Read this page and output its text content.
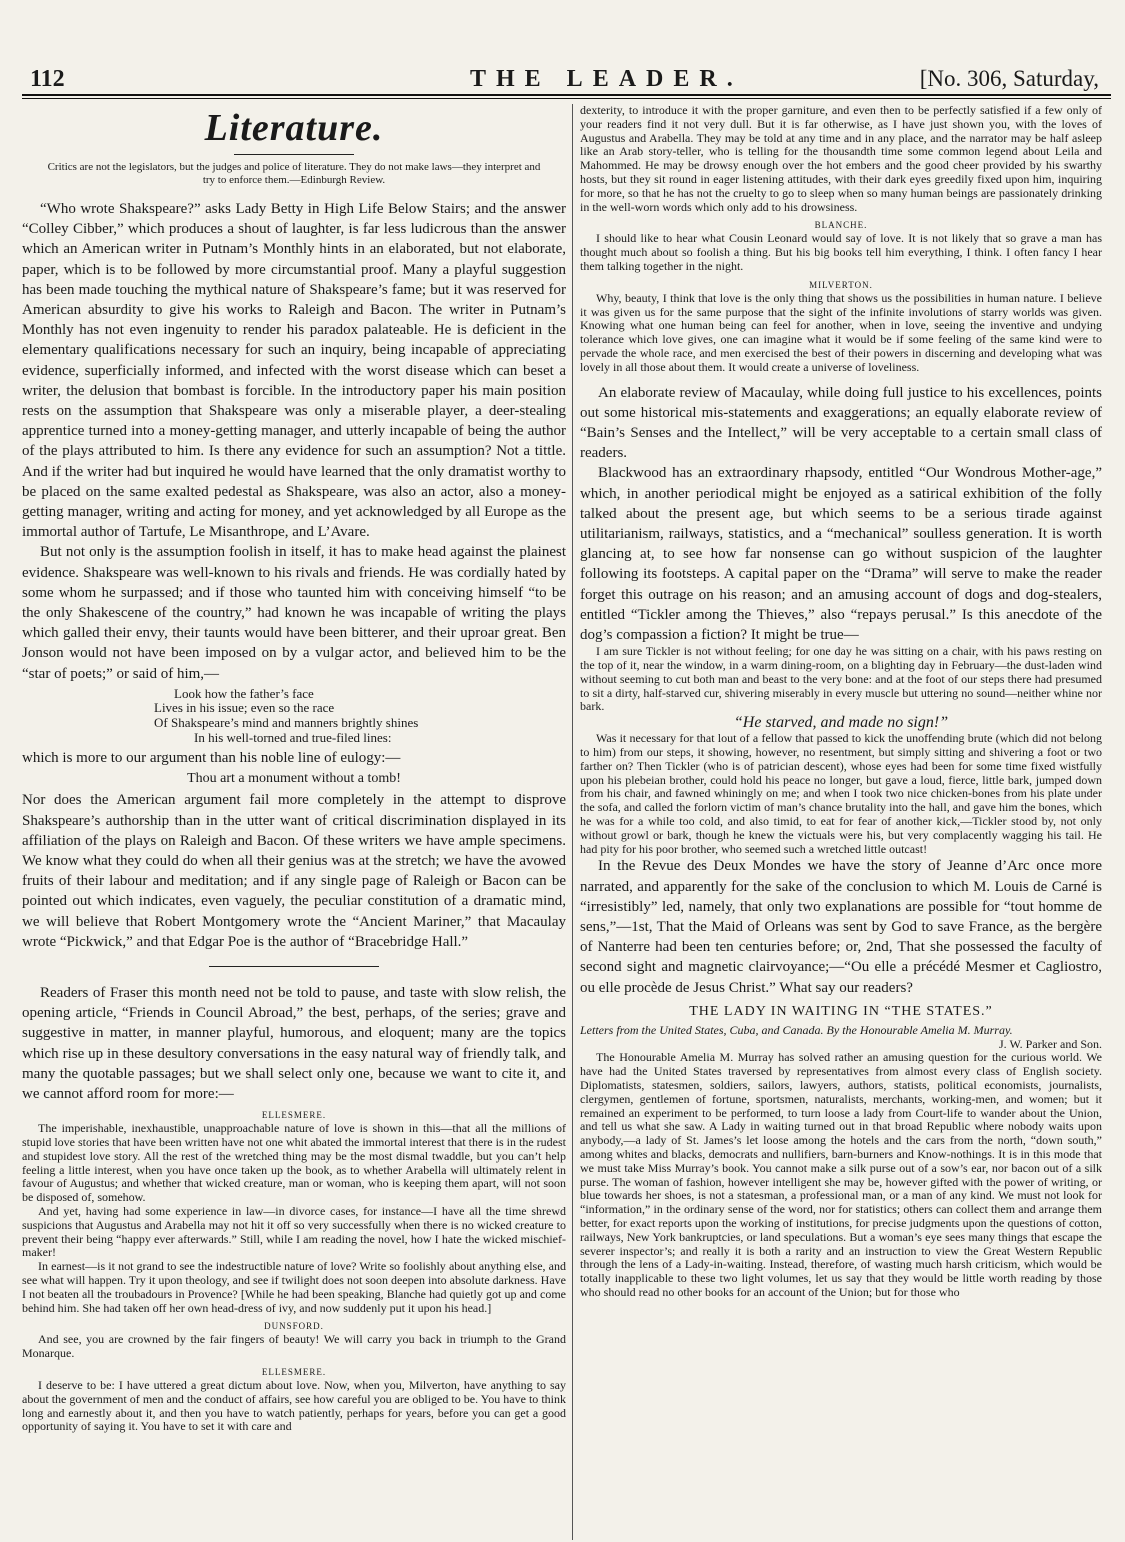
112	THE LEADER.	[No. 306, Saturday,
Literature.
Critics are not the legislators, but the judges and police of literature. They do not make laws—they interpret and try to enforce them.—Edinburgh Review.

“Who wrote Shakspeare?” asks Lady Betty in High Life Below Stairs; and the answer “Colley Cibber,” which produces a shout of laughter, is far less ludicrous than the answer which an American writer in Putnam’s Monthly hints in an elaborated, but not elaborate, paper, which is to be followed by more circumstantial proof. Many a playful suggestion has been made touching the mythical nature of Shakspeare’s fame; but it was reserved for American absurdity to give his works to Raleigh and Bacon. The writer in Putnam’s Monthly has not even ingenuity to render his paradox palateable. He is deficient in the elementary qualifications necessary for such an inquiry, being incapable of appreciating evidence, superficially informed, and infected with the worst disease which can beset a writer, the delusion that bombast is forcible. In the introductory paper his main position rests on the assumption that Shakspeare was only a miserable player, a deer-stealing apprentice turned into a money-getting manager, and utterly incapable of being the author of the plays attributed to him. Is there any evidence for such an assumption? Not a tittle. And if the writer had but inquired he would have learned that the only dramatist worthy to be placed on the same exalted pedestal as Shakspeare, was also an actor, also a money-getting manager, writing and acting for money, and yet acknowledged by all Europe as the immortal author of Tartufe, Le Misanthrope, and L’Avare.

But not only is the assumption foolish in itself, it has to make head against the plainest evidence. Shakspeare was well-known to his rivals and friends. He was cordially hated by some whom he surpassed; and if those who taunted him with conceiving himself “to be the only Shakescene of the country,” had known he was incapable of writing the plays which galled their envy, their taunts would have been bitterer, and their uproar great. Ben Jonson would not have been imposed on by a vulgar actor, and believed him to be the “star of poets;” or said of him,—

Look how the father’s face
Lives in his issue; even so the race
Of Shakspeare’s mind and manners brightly shines
In his well-torned and true-filed lines:

which is more to our argument than his noble line of eulogy:—

Thou art a monument without a tomb!

Nor does the American argument fail more completely in the attempt to disprove Shakspeare’s authorship than in the utter want of critical discrimination displayed in its affiliation of the plays on Raleigh and Bacon. Of these writers we have ample specimens. We know what they could do when all their genius was at the stretch; we have the avowed fruits of their labour and meditation; and if any single page of Raleigh or Bacon can be pointed out which indicates, even vaguely, the peculiar constitution of a dramatic mind, we will believe that Robert Montgomery wrote the “Ancient Mariner,” that Macaulay wrote “Pickwick,” and that Edgar Poe is the author of “Bracebridge Hall.”

Readers of Fraser this month need not be told to pause, and taste with slow relish, the opening article, “Friends in Council Abroad,” the best, perhaps, of the series; grave and suggestive in matter, in manner playful, humorous, and eloquent; many are the topics which rise up in these desultory conversations in the easy natural way of friendly talk, and many the quotable passages; but we shall select only one, because we want to cite it, and we cannot afford room for more:—

ELLESMERE.

The imperishable, inexhaustible, unapproachable nature of love is shown in this—that all the millions of stupid love stories that have been written have not one whit abated the immortal interest that there is in the rudest and stupidest love story. All the rest of the wretched thing may be the most dismal twaddle, but you can’t help feeling a little interest, when you have once taken up the book, as to whether Arabella will ultimately relent in favour of Augustus; and whether that wicked creature, man or woman, who is keeping them apart, will not soon be disposed of, somehow.

And yet, having had some experience in law—in divorce cases, for instance—I have all the time shrewd suspicions that Augustus and Arabella may not hit it off so very successfully when there is no wicked creature to prevent their being “happy ever afterwards.” Still, while I am reading the novel, how I hate the wicked mischief-maker!

In earnest—is it not grand to see the indestructible nature of love? Write so foolishly about anything else, and see what will happen. Try it upon theology, and see if twilight does not soon deepen into absolute darkness. Have I not beaten all the troubadours in Provence? [While he had been speaking, Blanche had quietly got up and come behind him. She had taken off her own head-dress of ivy, and now suddenly put it upon his head.]

DUNSFORD.

And see, you are crowned by the fair fingers of beauty! We will carry you back in triumph to the Grand Monarque.

ELLESMERE.

I deserve to be: I have uttered a great dictum about love. Now, when you, Milverton, have anything to say about the government of men and the conduct of affairs, see how careful you are obliged to be. You have to think long and earnestly about it, and then you have to watch patiently, perhaps for years, before you can get a good opportunity of saying it. You have to set it with care and

dexterity, to introduce it with the proper garniture, and even then to be perfectly satisfied if a few only of your readers find it not very dull. But it is far otherwise, as I have just shown you, with the loves of Augustus and Arabella. They may be told at any time and in any place, and the narrator may be half asleep like an Arab story-teller, who is telling for the thousandth time some common legend about Leila and Mahommed. He may be drowsy enough over the hot embers and the good cheer provided by his swarthy hosts, but they sit round in eager listening attitudes, with their dark eyes greedily fixed upon him, inquiring for more, so that he has not the cruelty to go to sleep when so many human beings are passionately drinking in the well-worn words which only add to his drowsiness.

BLANCHE.

I should like to hear what Cousin Leonard would say of love. It is not likely that so grave a man has thought much about so foolish a thing. But his big books tell him everything, I think. I often fancy I hear them talking together in the night.

MILVERTON.

Why, beauty, I think that love is the only thing that shows us the possibilities in human nature. I believe it was given us for the same purpose that the sight of the infinite involutions of starry worlds was given. Knowing what one human being can feel for another, when in love, seeing the inventive and undying tolerance which love gives, one can imagine what it would be if some feeling of the same kind were to pervade the whole race, and men exercised the best of their powers in discerning and developing what was lovely in all those about them. It would create a universe of loveliness.

An elaborate review of Macaulay, while doing full justice to his excellences, points out some historical mis-statements and exaggerations; an equally elaborate review of “Bain’s Senses and the Intellect,” will be very acceptable to a certain small class of readers.

Blackwood has an extraordinary rhapsody, entitled “Our Wondrous Mother-age,” which, in another periodical might be enjoyed as a satirical exhibition of the folly talked about the present age, but which seems to be a serious tirade against utilitarianism, railways, statistics, and a “mechanical” soulless generation. It is worth glancing at, to see how far nonsense can go without suspicion of the laughter following its footsteps. A capital paper on the “Drama” will serve to make the reader forget this outrage on his reason; and an amusing account of dogs and dog-stealers, entitled “Tickler among the Thieves,” also “repays perusal.” Is this anecdote of the dog’s compassion a fiction? It might be true—

I am sure Tickler is not without feeling; for one day he was sitting on a chair, with his paws resting on the top of it, near the window, in a warm dining-room, on a blighting day in February—the dust-laden wind without seeming to cut both man and beast to the very bone: and at the foot of our steps there had presumed to sit a dirty, half-starved cur, shivering miserably in every muscle but uttering no sound—neither whine nor bark.

“He starved, and made no sign!”

Was it necessary for that lout of a fellow that passed to kick the unoffending brute (which did not belong to him) from our steps, it showing, however, no resentment, but simply sitting and shivering a foot or two farther on? Then Tickler (who is of patrician descent), whose eyes had been for some time fixed wistfully upon his plebeian brother, could hold his peace no longer, but gave a loud, fierce, little bark, jumped down from his chair, and fawned whiningly on me; and when I took two nice chicken-bones from his plate under the sofa, and called the forlorn victim of man’s chance brutality into the hall, and gave him the bones, which he was for a while too cold, and also timid, to eat for fear of another kick,—Tickler stood by, not only without growl or bark, though he knew the victuals were his, but very complacently wagging his tail. He had pity for his poor brother, who seemed such a wretched little outcast!

In the Revue des Deux Mondes we have the story of Jeanne d’Arc once more narrated, and apparently for the sake of the conclusion to which M. Louis de Carné is “irresistibly” led, namely, that only two explanations are possible for “tout homme de sens,”—1st, That the Maid of Orleans was sent by God to save France, as the bergère of Nanterre had been ten centuries before; or, 2nd, That she possessed the faculty of second sight and magnetic clairvoyance;—“Ou elle a précédé Mesmer et Cagliostro, ou elle procède de Jesus Christ.” What say our readers?

THE LADY IN WAITING IN “THE STATES.”
Letters from the United States, Cuba, and Canada. By the Honourable Amelia M. Murray.
J. W. Parker and Son.

The Honourable Amelia M. Murray has solved rather an amusing question for the curious world. We have had the United States traversed by representatives from almost every class of English society. Diplomatists, statesmen, soldiers, sailors, lawyers, authors, statists, political economists, journalists, clergymen, gentlemen of fortune, sportsmen, naturalists, merchants, working-men, and women; but it remained an experiment to be performed, to turn loose a lady from Court-life to wander about the Union, and tell us what she saw. A Lady in waiting turned out in that broad Republic where nobody waits upon anybody,—a lady of St. James’s let loose among the hotels and the cars from the north, “down south,” among whites and blacks, democrats and nullifiers, barn-burners and Know-nothings. It is in this mode that we must take Miss Murray’s book. You cannot make a silk purse out of a sow’s ear, nor bacon out of a silk purse. The woman of fashion, however intelligent she may be, however gifted with the power of writing, or blue towards her shoes, is not a statesman, a professional man, or a man of any kind. We must not look for “information,” in the ordinary sense of the word, nor for statistics; others can collect them and arrange them better, for exact reports upon the working of institutions, for precise judgments upon the questions of cotton, railways, New York bankruptcies, or land speculations. But a woman’s eye sees many things that escape the severer inspector’s; and really it is both a rarity and an instruction to view the Great Western Republic through the lens of a Lady-in-waiting. Instead, therefore, of wasting much harsh criticism, which would be totally inapplicable to these two light volumes, let us say that they would be little worth reading by those who should read no other books for an account of the Union; but for those who
